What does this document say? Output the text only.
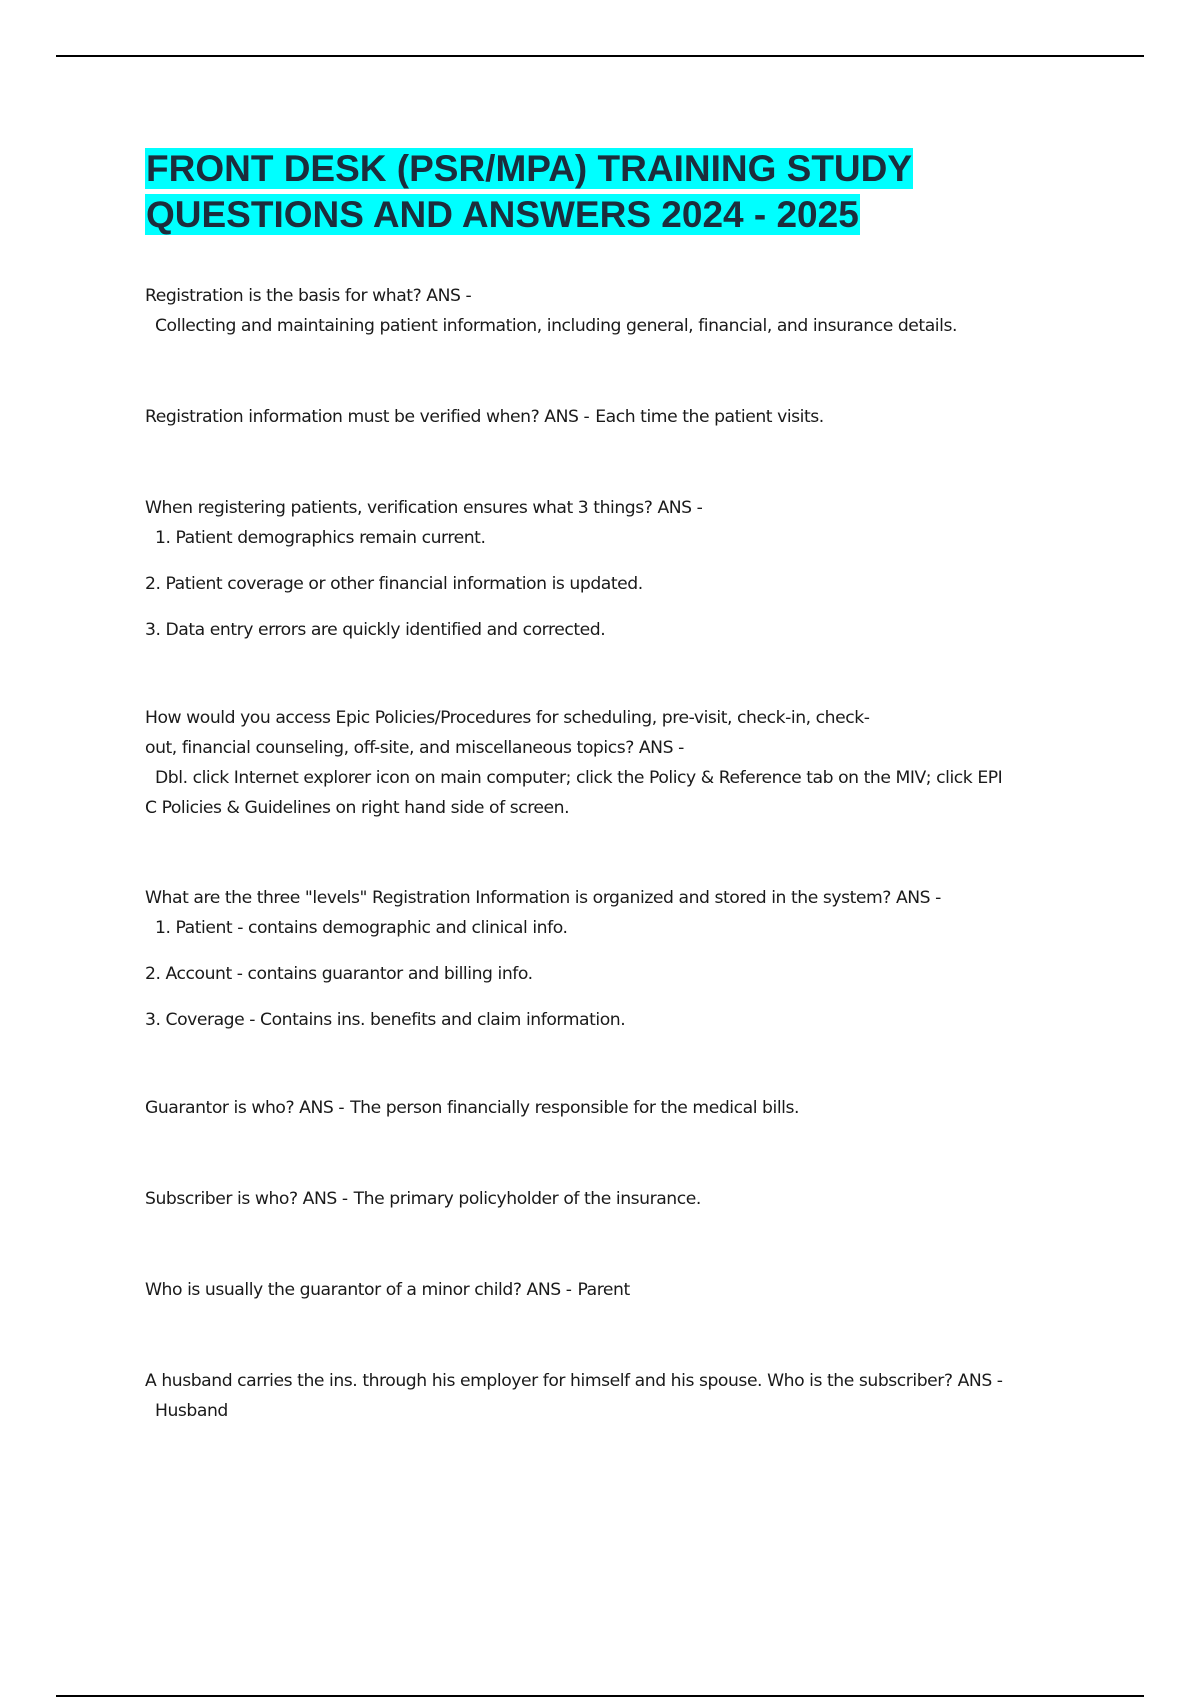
FRONT DESK (PSR/MPA) TRAINING STUDY
QUESTIONS AND ANSWERS 2024 - 2025

Registration is the basis for what? ANS -

Collecting and maintaining patient information, including general, financial, and insurance details.

Registration information must be verified when? ANS - Each time the patient visits.

When registering patients, verification ensures what 3 things? ANS -

1. Patient demographics remain current.

2. Patient coverage or other financial information is updated.

3. Data entry errors are quickly identified and corrected.

How would you access Epic Policies/Procedures for scheduling, pre-visit, check-in, check-

out, financial counseling, off-site, and miscellaneous topics? ANS -

Dbl. click Internet explorer icon on main computer; click the Policy & Reference tab on the MIV; click EPI

C Policies & Guidelines on right hand side of screen.

What are the three "levels" Registration Information is organized and stored in the system? ANS -

1. Patient - contains demographic and clinical info.

2. Account - contains guarantor and billing info.

3. Coverage - Contains ins. benefits and claim information.

Guarantor is who? ANS - The person financially responsible for the medical bills.

Subscriber is who? ANS - The primary policyholder of the insurance.

Who is usually the guarantor of a minor child? ANS - Parent

A husband carries the ins. through his employer for himself and his spouse. Who is the subscriber? ANS -

Husband
